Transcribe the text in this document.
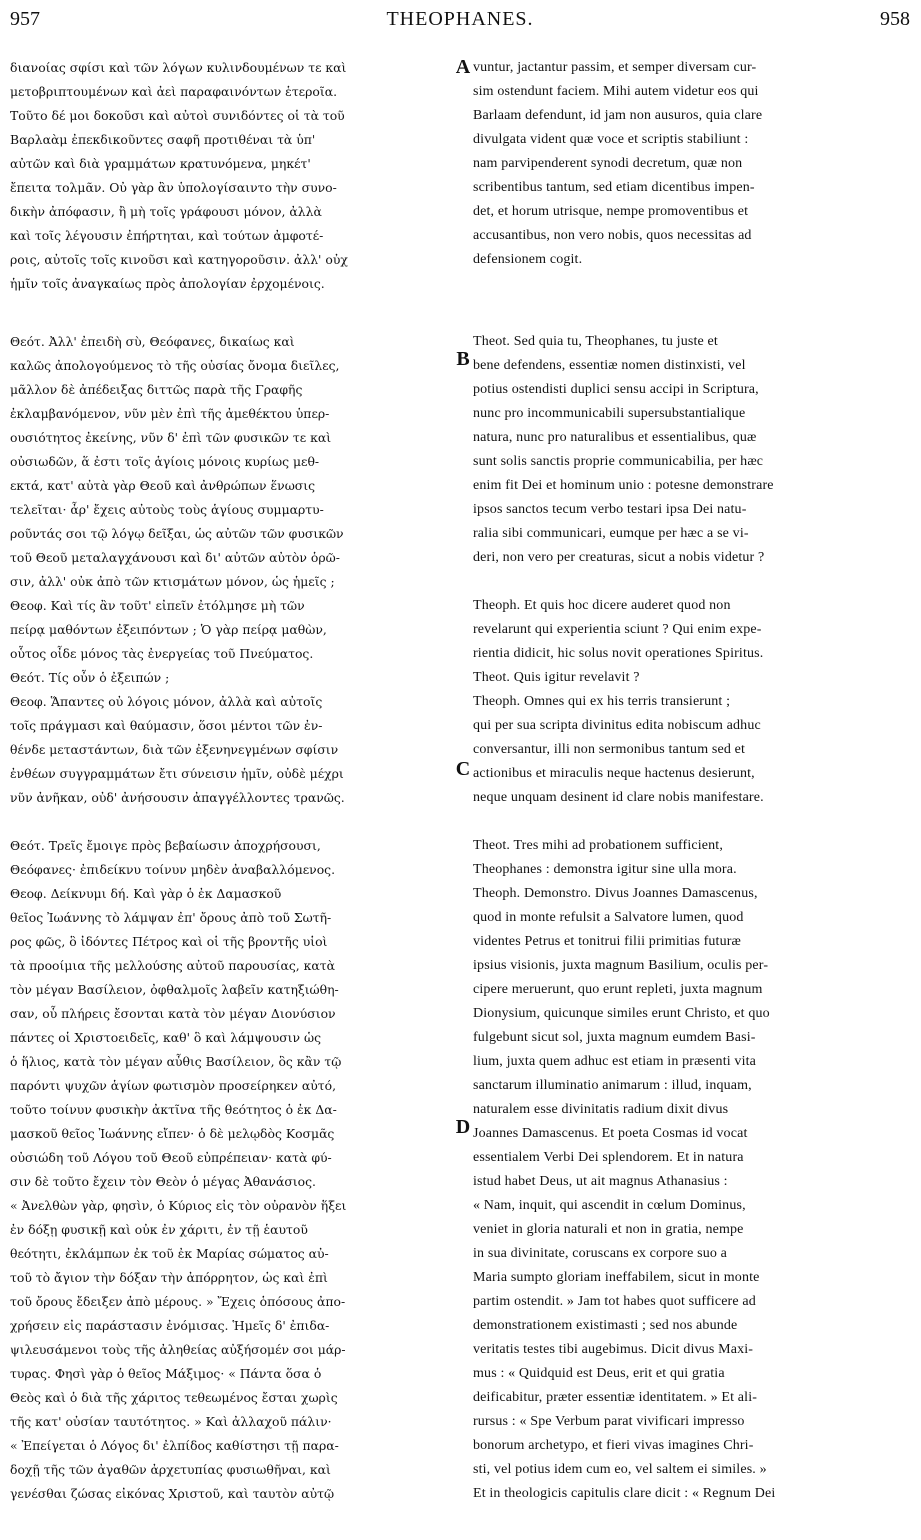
957	THEOPHANES.	958
A
B
C
D
διανοίας σφίσι καὶ τῶν λόγων κυλινδουμένων τε καὶ
μετοβριπτουμένων καὶ ἀεὶ παραφαινόντων ἑτεροῖα.
Τοῦτο δέ μοι δοκοῦσι καὶ αὐτοὶ συνιδόντες οἱ τὰ τοῦ
Βαρλαὰμ ἐπεκδικοῦντες σαφῆ προτιθέναι τὰ ὑπ'
αὐτῶν καὶ διὰ γραμμάτων κρατυνόμενα, μηκέτ'
ἔπειτα τολμᾶν. Οὐ γὰρ ἂν ὑπολογίσαιντο τὴν συνο-
δικὴν ἀπόφασιν, ἢ μὴ τοῖς γράφουσι μόνον, ἀλλὰ
καὶ τοῖς λέγουσιν ἐπήρτηται, καὶ τούτων ἀμφοτέ-
ροις, αὐτοῖς τοῖς κινοῦσι καὶ κατηγοροῦσιν. ἀλλ' οὐχ
ἡμῖν τοῖς ἀναγκαίως πρὸς ἀπολογίαν ἐρχομένοις.
Θεότ. Ἀλλ' ἐπειδὴ σὺ, Θεόφανες, δικαίως καὶ
καλῶς ἀπολογούμενος τὸ τῆς οὐσίας ὄνομα διεῖλες,
μᾶλλον δὲ ἀπέδειξας διττῶς παρὰ τῆς Γραφῆς
ἐκλαμβανόμενον, νῦν μὲν ἐπὶ τῆς ἀμεθέκτου ὑπερ-
ουσιότητος ἐκείνης, νῦν δ' ἐπὶ τῶν φυσικῶν τε καὶ
οὐσιωδῶν, ἅ ἐστι τοῖς ἁγίοις μόνοις κυρίως μεθ-
εκτά, κατ' αὐτὰ γὰρ Θεοῦ καὶ ἀνθρώπων ἕνωσις
τελεῖται· ἆρ' ἔχεις αὐτοὺς τοὺς ἁγίους συμμαρτυ-
ροῦντάς σοι τῷ λόγῳ δεῖξαι, ὡς αὐτῶν τῶν φυσικῶν
τοῦ Θεοῦ μεταλαγχάνουσι καὶ δι' αὐτῶν αὐτὸν ὁρῶ-
σιν, ἀλλ' οὐκ ἀπὸ τῶν κτισμάτων μόνον, ὡς ἡμεῖς ;
Θεοφ. Καὶ τίς ἂν τοῦτ' εἰπεῖν ἐτόλμησε μὴ τῶν
πείρᾳ μαθόντων ἐξειπόντων ; Ὁ γὰρ πείρᾳ μαθὼν,
οὗτος οἶδε μόνος τὰς ἐνεργείας τοῦ Πνεύματος.
Θεότ. Τίς οὖν ὁ ἐξειπών ;
Θεοφ. Ἅπαντες οὐ λόγοις μόνον, ἀλλὰ καὶ αὐτοῖς
τοῖς πράγμασι καὶ θαύμασιν, ὅσοι μέντοι τῶν ἐν-
θένδε μεταστάντων, διὰ τῶν ἐξενηνεγμένων σφίσιν
ἐνθέων συγγραμμάτων ἔτι σύνεισιν ἡμῖν, οὐδὲ μέχρι
νῦν ἀνῆκαν, οὐδ' ἀνήσουσιν ἀπαγγέλλοντες τρανῶς.
Θεότ. Τρεῖς ἔμοιγε πρὸς βεβαίωσιν ἀποχρήσουσι,
Θεόφανες· ἐπιδείκνυ τοίνυν μηδὲν ἀναβαλλόμενος.
Θεοφ. Δείκνυμι δή. Καὶ γὰρ ὁ ἐκ Δαμασκοῦ
θεῖος Ἰωάννης τὸ λάμψαν ἐπ' ὄρους ἀπὸ τοῦ Σωτῆ-
ρος φῶς, ὃ ἰδόντες Πέτρος καὶ οἱ τῆς βροντῆς υἱοὶ
τὰ προοίμια τῆς μελλούσης αὐτοῦ παρουσίας, κατὰ
τὸν μέγαν Βασίλειον, ὀφθαλμοῖς λαβεῖν κατηξιώθη-
σαν, οὗ πλήρεις ἔσονται κατὰ τὸν μέγαν Διονύσιον
πάντες οἱ Χριστοειδεῖς, καθ' ὃ καὶ λάμψουσιν ὡς
ὁ ἥλιος, κατὰ τὸν μέγαν αὖθις Βασίλειον, ὃς κἂν τῷ
παρόντι ψυχῶν ἁγίων φωτισμὸν προσείρηκεν αὐτό,
τοῦτο τοίνυν φυσικὴν ἀκτῖνα τῆς θεότητος ὁ ἐκ Δα-
μασκοῦ θεῖος Ἰωάννης εἴπεν· ὁ δὲ μελῳδὸς Κοσμᾶς
οὐσιώδη τοῦ Λόγου τοῦ Θεοῦ εὐπρέπειαν· κατὰ φύ-
σιν δὲ τοῦτο ἔχειν τὸν Θεὸν ὁ μέγας Ἀθανάσιος.
« Ἀνελθὼν γὰρ, φησὶν, ὁ Κύριος εἰς τὸν οὐρανὸν ἥξει
ἐν δόξῃ φυσικῇ καὶ οὐκ ἐν χάριτι, ἐν τῇ ἑαυτοῦ
θεότητι, ἐκλάμπων ἐκ τοῦ ἐκ Μαρίας σώματος αὐ-
τοῦ τὸ ἄγιον τὴν δόξαν τὴν ἀπόρρητον, ὡς καὶ ἐπὶ
τοῦ ὄρους ἔδειξεν ἀπὸ μέρους. » Ἔχεις ὁπόσους ἀπο-
χρήσειν εἰς παράστασιν ἐνόμισας. Ἡμεῖς δ' ἐπιδα-
ψιλευσάμενοι τοὺς τῆς ἀληθείας αὐξήσομέν σοι μάρ-
τυρας. Φησὶ γὰρ ὁ θεῖος Μάξιμος· « Πάντα ὅσα ὁ
Θεὸς καὶ ὁ διὰ τῆς χάριτος τεθεωμένος ἔσται χωρὶς
τῆς κατ' οὐσίαν ταυτότητος. » Καὶ ἀλλαχοῦ πάλιν·
« Ἐπείγεται ὁ Λόγος δι' ἐλπίδος καθίστησι τῇ παρα-
δοχῇ τῆς τῶν ἀγαθῶν ἀρχετυπίας φυσιωθῆναι, καὶ
γενέσθαι ζώσας εἰκόνας Χριστοῦ, καὶ ταυτὸν αὐτῷ
vuntur, jactantur passim, et semper diversam cur-
sim ostendunt faciem. Mihi autem videtur eos qui
Barlaam defendunt, id jam non ausuros, quia clare
divulgata vident quæ voce et scriptis stabiliunt :
nam parvipenderent synodi decretum, quæ non
scribentibus tantum, sed etiam dicentibus impen-
det, et horum utrisque, nempe promoventibus et
accusantibus, non vero nobis, quos necessitas ad
defensionem cogit.
Theot. Sed quia tu, Theophanes, tu juste et
bene defendens, essentiæ nomen distinxisti, vel
potius ostendisti duplici sensu accipi in Scriptura,
nunc pro incommunicabili supersubstantialique
natura, nunc pro naturalibus et essentialibus, quæ
sunt solis sanctis proprie communicabilia, per hæc
enim fit Dei et hominum unio : potesne demonstrare
ipsos sanctos tecum verbo testari ipsa Dei natu-
ralia sibi communicari, eumque per hæc a se vi-
deri, non vero per creaturas, sicut a nobis videtur ?
Theoph. Et quis hoc dicere auderet quod non
revelarunt qui experientia sciunt ? Qui enim expe-
rientia didicit, hic solus novit operationes Spiritus.
Theot. Quis igitur revelavit ?
Theoph. Omnes qui ex his terris transierunt ;
qui per sua scripta divinitus edita nobiscum adhuc
conversantur, illi non sermonibus tantum sed et
actionibus et miraculis neque hactenus desierunt,
neque unquam desinent id clare nobis manifestare.
Theot. Tres mihi ad probationem sufficient,
Theophanes : demonstra igitur sine ulla mora.
Theoph. Demonstro. Divus Joannes Damascenus,
quod in monte refulsit a Salvatore lumen, quod
videntes Petrus et tonitrui filii primitias futuræ
ipsius visionis, juxta magnum Basilium, oculis per-
cipere meruerunt, quo erunt repleti, juxta magnum
Dionysium, quicunque similes erunt Christo, et quo
fulgebunt sicut sol, juxta magnum eumdem Basi-
lium, juxta quem adhuc est etiam in præsenti vita
sanctarum illuminatio animarum : illud, inquam,
naturalem esse divinitatis radium dixit divus
Joannes Damascenus. Et poeta Cosmas id vocat
essentialem Verbi Dei splendorem. Et in natura
istud habet Deus, ut ait magnus Athanasius :
« Nam, inquit, qui ascendit in cœlum Dominus,
veniet in gloria naturali et non in gratia, nempe
in sua divinitate, coruscans ex corpore suo a
Maria sumpto gloriam ineffabilem, sicut in monte
partim ostendit. » Jam tot habes quot sufficere ad
demonstrationem existimasti ; sed nos abunde
veritatis testes tibi augebimus. Dicit divus Maxi-
mus : « Quidquid est Deus, erit et qui gratia
deificabitur, præter essentiæ identitatem. » Et ali-
rursus : « Spe Verbum parat vivificari impresso
bonorum archetypo, et fieri vivas imagines Chri-
sti, vel potius idem cum eo, vel saltem ei similes. »
Et in theologicis capitulis clare dicit : « Regnum Dei
